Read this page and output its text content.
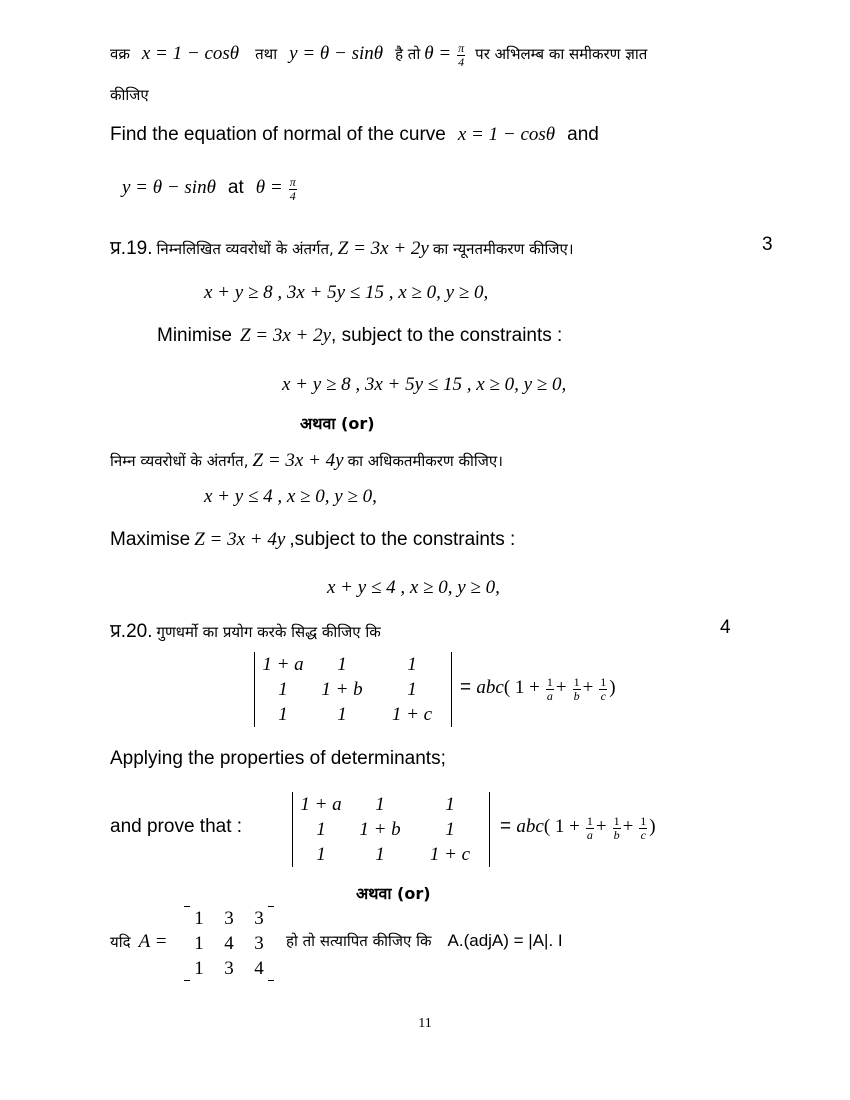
वक्र x = 1 − cosθ तथा y = θ − sinθ है तो $\theta = \frac{\pi}{4}$ पर अभिलम्ब का समीकरण ज्ञात
कीजिए
Find the equation of normal of the curve x = 1 − cosθ and
y = θ − sinθ at $\theta = \frac{\pi}{4}$
प्र.19. निम्नलिखित व्यवरोधों के अंतर्गत, Z = 3x + 2y का न्यूनतमीकरण कीजिए।	3
x + y ≥ 8 , 3x + 5y ≤ 15 , x ≥ 0, y ≥ 0,
Minimise Z = 3x + 2y, subject to the constraints :
x + y ≥ 8 , 3x + 5y ≤ 15 , x ≥ 0, y ≥ 0,
अथवा (or)
निम्न व्यवरोधों के अंतर्गत, Z = 3x + 4y का अधिकतमीकरण कीजिए।
x + y ≤ 4 , x ≥ 0, y ≥ 0,
Maximise Z = 3x + 4y ,subject to the constraints :
x + y ≤ 4 , x ≥ 0, y ≥ 0,
प्र.20. गुणधर्मो का प्रयोग करके सिद्ध कीजिए कि	4
1 + a	1	1
1	1 + b	1
1	1	1 + c
= abc( $1 + \frac{1}{a} + \frac{1}{b} + \frac{1}{c}$ )
Applying the properties of determinants;
and prove that :
1 + a	1	1
1	1 + b	1
1	1	1 + c
= abc( $1 + \frac{1}{a} + \frac{1}{b} + \frac{1}{c}$ )
अथवा (or)
यदि A =
1	3	3
1	4	3
1	3	4
हो तो सत्यापित कीजिए कि A.(adjA) = |A|. I
11
